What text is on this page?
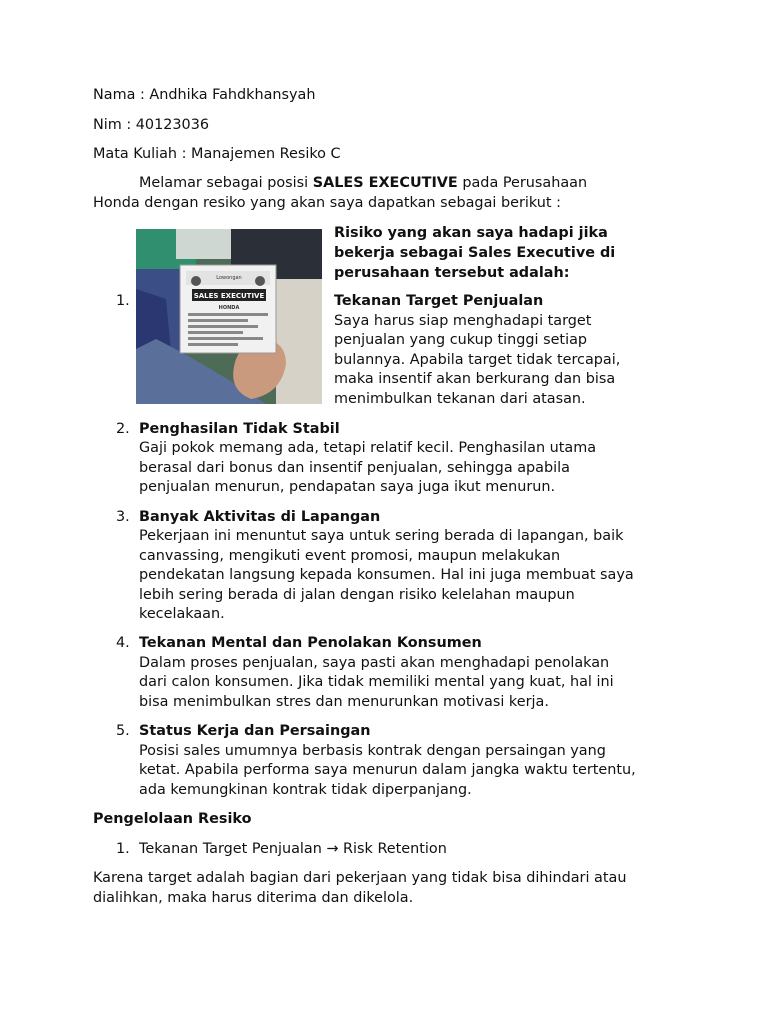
Nama : Andhika Fahdkhansyah
Nim : 40123036
Mata Kuliah : Manajemen Resiko C
Melamar sebagai posisi SALES EXECUTIVE pada Perusahaan
Honda dengan resiko yang akan saya dapatkan sebagai berikut :
SALES EXECUTIVE
Lowongan
HONDA
Risiko yang akan saya hadapi jika
bekerja sebagai Sales Executive di
perusahaan tersebut adalah:
1.	Tekanan Target Penjualan
Saya harus siap menghadapi target
penjualan yang cukup tinggi setiap
bulannya. Apabila target tidak tercapai,
maka insentif akan berkurang dan bisa
menimbulkan tekanan dari atasan.
2. Penghasilan Tidak Stabil
Gaji pokok memang ada, tetapi relatif kecil. Penghasilan utama
berasal dari bonus dan insentif penjualan, sehingga apabila
penjualan menurun, pendapatan saya juga ikut menurun.
3. Banyak Aktivitas di Lapangan
Pekerjaan ini menuntut saya untuk sering berada di lapangan, baik
canvassing, mengikuti event promosi, maupun melakukan
pendekatan langsung kepada konsumen. Hal ini juga membuat saya
lebih sering berada di jalan dengan risiko kelelahan maupun
kecelakaan.
4. Tekanan Mental dan Penolakan Konsumen
Dalam proses penjualan, saya pasti akan menghadapi penolakan
dari calon konsumen. Jika tidak memiliki mental yang kuat, hal ini
bisa menimbulkan stres dan menurunkan motivasi kerja.
5. Status Kerja dan Persaingan
Posisi sales umumnya berbasis kontrak dengan persaingan yang
ketat. Apabila performa saya menurun dalam jangka waktu tertentu,
ada kemungkinan kontrak tidak diperpanjang.
Pengelolaan Resiko
1. Tekanan Target Penjualan → Risk Retention
Karena target adalah bagian dari pekerjaan yang tidak bisa dihindari atau
dialihkan, maka harus diterima dan dikelola.
